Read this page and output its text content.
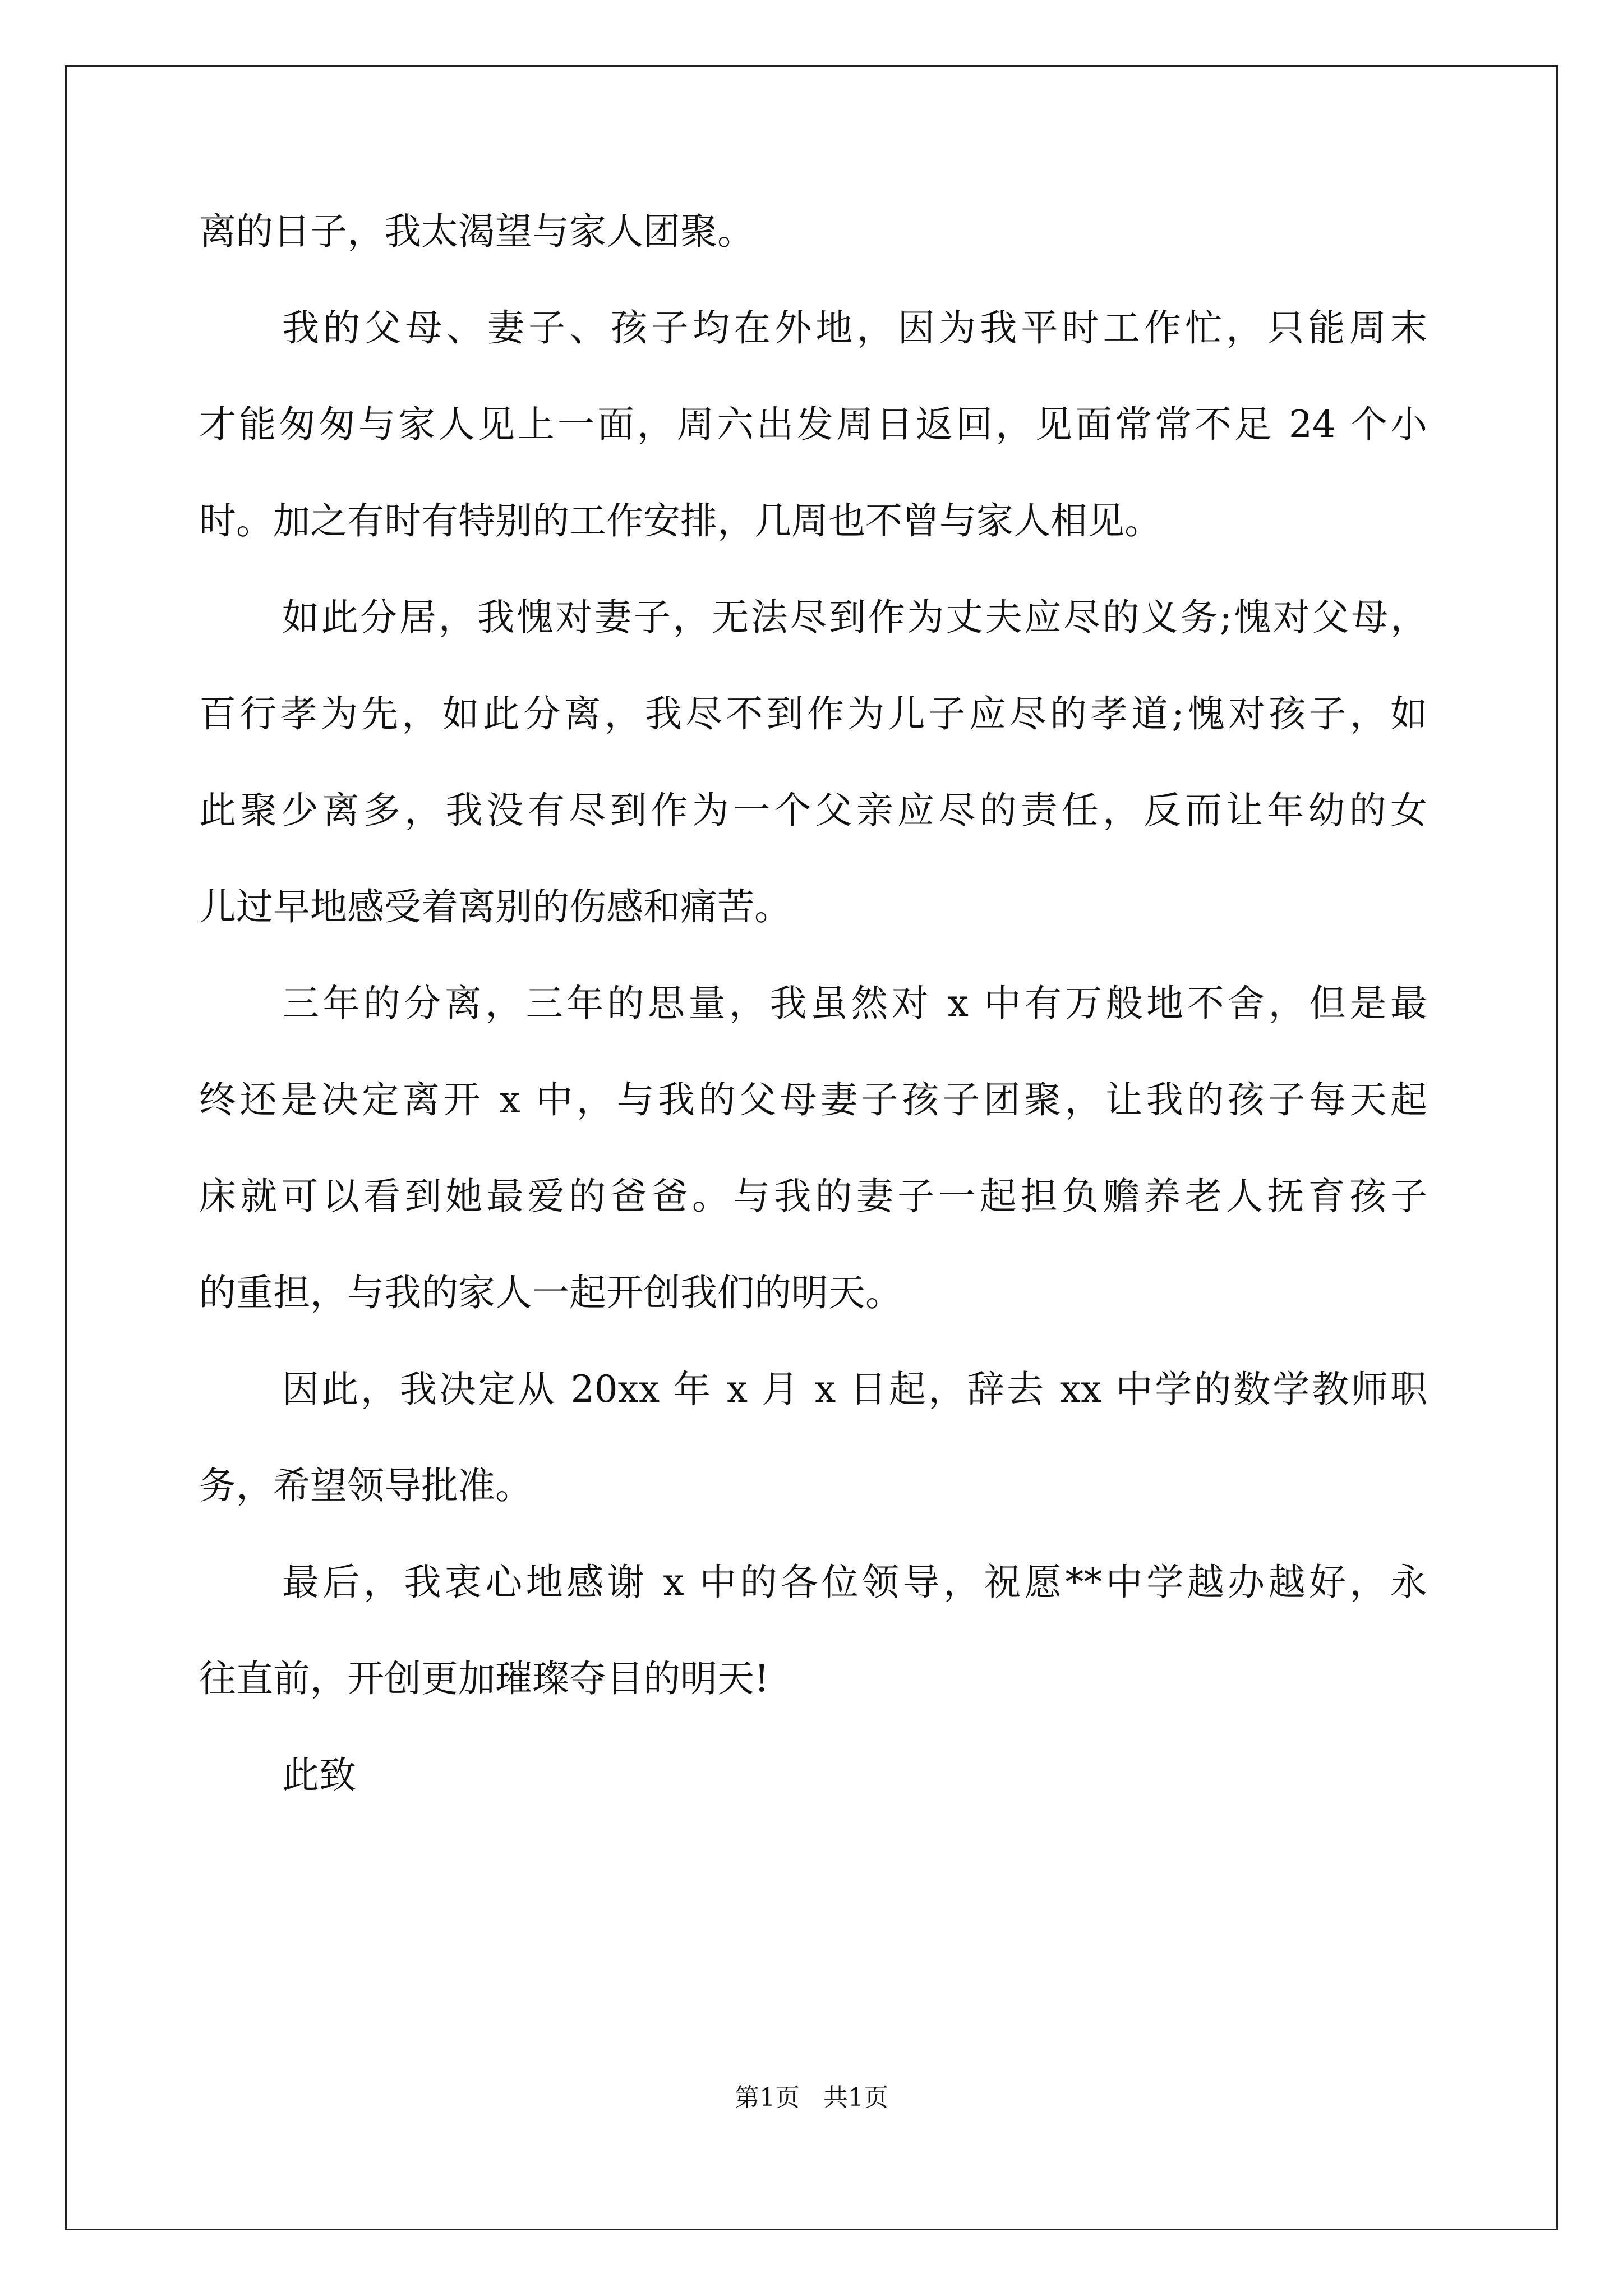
离的日子，我太渴望与家人团聚。
我的父母、妻子、孩子均在外地，因为我平时工作忙，只能周末
才能匆匆与家人见上一面，周六出发周日返回，见面常常不足 24 个小
时。加之有时有特别的工作安排，几周也不曾与家人相见。
如此分居，我愧对妻子，无法尽到作为丈夫应尽的义务;愧对父母，
百行孝为先，如此分离，我尽不到作为儿子应尽的孝道;愧对孩子，如
此聚少离多，我没有尽到作为一个父亲应尽的责任，反而让年幼的女
儿过早地感受着离别的伤感和痛苦。
三年的分离，三年的思量，我虽然对 x 中有万般地不舍，但是最
终还是决定离开 x 中，与我的父母妻子孩子团聚，让我的孩子每天起
床就可以看到她最爱的爸爸。与我的妻子一起担负赡养老人抚育孩子
的重担，与我的家人一起开创我们的明天。
因此，我决定从 20xx 年 x 月 x 日起，辞去 xx 中学的数学教师职
务，希望领导批准。
最后，我衷心地感谢 x 中的各位领导，祝愿**中学越办越好，永
往直前，开创更加璀璨夺目的明天!
此致
第1页   共1页
